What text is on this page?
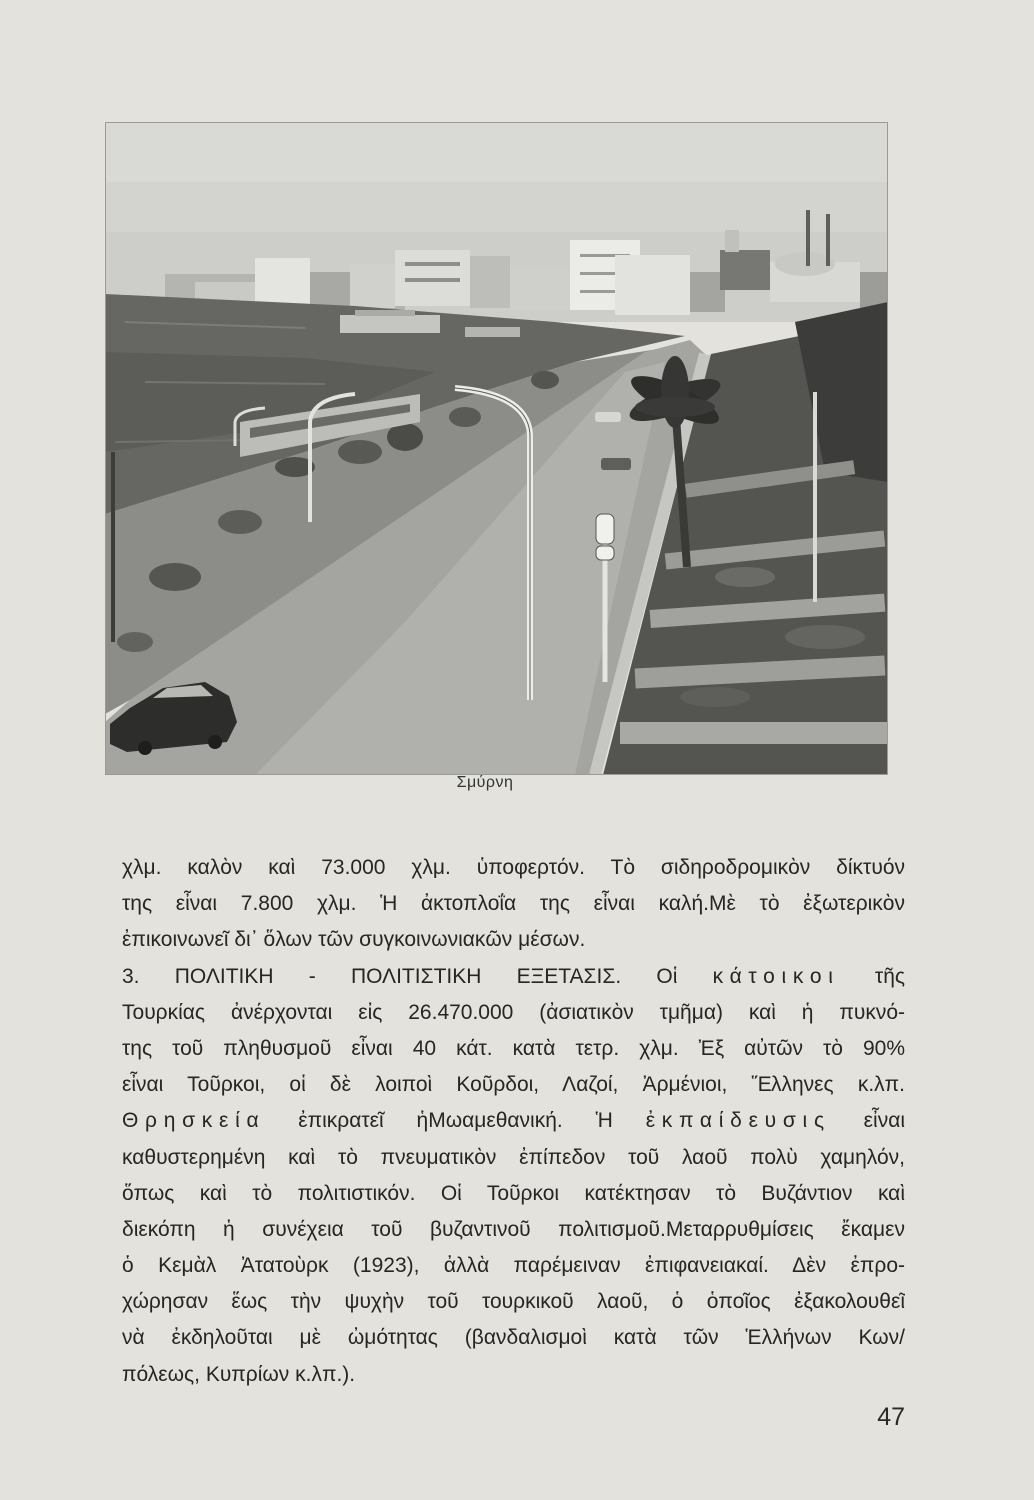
Σμύρνη
χλμ. καλὸν καὶ 73.000 χλμ. ὑποφερτόν. Τὸ σιδηροδρομικὸν δίκτυόν
της εἶναι 7.800 χλμ. Ἡ ἀκτοπλοΐα της εἶναι καλή.Μὲ τὸ ἐξωτερικὸν
ἐπικοινωνεῖ δι᾽ ὅλων τῶν συγκοινωνιακῶν μέσων.
3. ΠΟΛΙΤΙΚΗ - ΠΟΛΙΤΙΣΤΙΚΗ ΕΞΕΤΑΣΙΣ. Οἱ κάτοικοι τῆς
Τουρκίας ἀνέρχονται εἰς 26.470.000 (ἀσιατικὸν τμῆμα) καὶ ἡ πυκνό-
της τοῦ πληθυσμοῦ εἶναι 40 κάτ. κατὰ τετρ. χλμ. Ἐξ αὐτῶν τὸ 90%
εἶναι Τοῦρκοι, οἱ δὲ λοιποὶ Κοῦρδοι, Λαζοί, Ἀρμένιοι, Ἕλληνες κ.λπ.
Θρησκεία ἐπικρατεῖ ἡΜωαμεθανική. Ἡ ἐκπαίδευσις εἶναι
καθυστερημένη καὶ τὸ πνευματικὸν ἐπίπεδον τοῦ λαοῦ πολὺ χαμηλόν,
ὅπως καὶ τὸ πολιτιστικόν. Οἱ Τοῦρκοι κατέκτησαν τὸ Βυζάντιον καὶ
διεκόπη ἡ συνέχεια τοῦ βυζαντινοῦ πολιτισμοῦ.Μεταρρυθμίσεις ἔκαμεν
ὁ Κεμὰλ Ἀτατοὺρκ (1923), ἀλλὰ παρέμειναν ἐπιφανειακαί. Δὲν ἐπρο-
χώρησαν ἕως τὴν ψυχὴν τοῦ τουρκικοῦ λαοῦ, ὁ ὁποῖος ἐξακολουθεῖ
νὰ ἐκδηλοῦται μὲ ὠμότητας (βανδαλισμοὶ κατὰ τῶν Ἑλλήνων Κων/
πόλεως, Κυπρίων κ.λπ.).
47
